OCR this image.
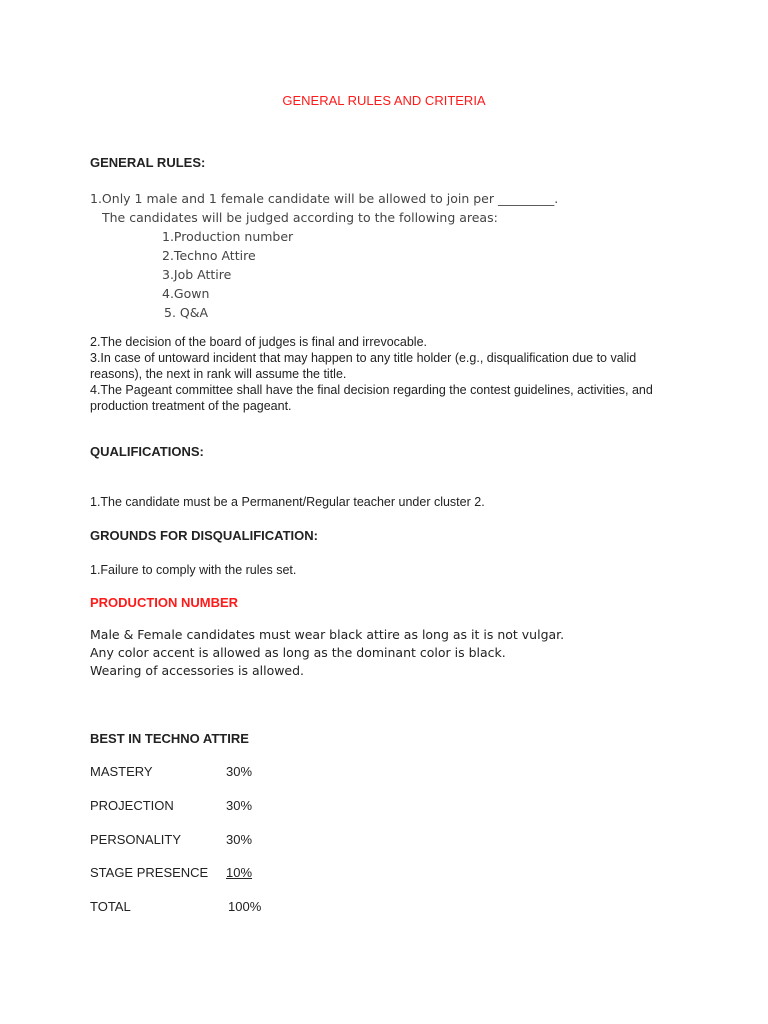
GENERAL RULES AND CRITERIA
GENERAL RULES:
1.Only 1 male and 1 female candidate will be allowed to join per _________.
The candidates will be judged according to the following areas:
1.Production number
2.Techno Attire
3.Job Attire
4.Gown
5. Q&A
2.The decision of the board of judges is final and irrevocable.
3.In case of untoward incident that may happen to any title holder (e.g., disqualification due to valid reasons), the next in rank will assume the title.
4.The Pageant committee shall have the final decision regarding the contest guidelines, activities, and production treatment of the pageant.
QUALIFICATIONS:
1.The candidate must be a Permanent/Regular teacher under cluster 2.
GROUNDS FOR DISQUALIFICATION:
1.Failure to comply with the rules set.
PRODUCTION NUMBER
Male & Female candidates must wear black attire as long as it is not vulgar.
Any color accent is allowed as long as the dominant color is black.
Wearing of accessories is allowed.
BEST IN TECHNO ATTIRE
MASTERY	30%
PROJECTION	30%
PERSONALITY	30%
STAGE PRESENCE 10%
TOTAL	100%
